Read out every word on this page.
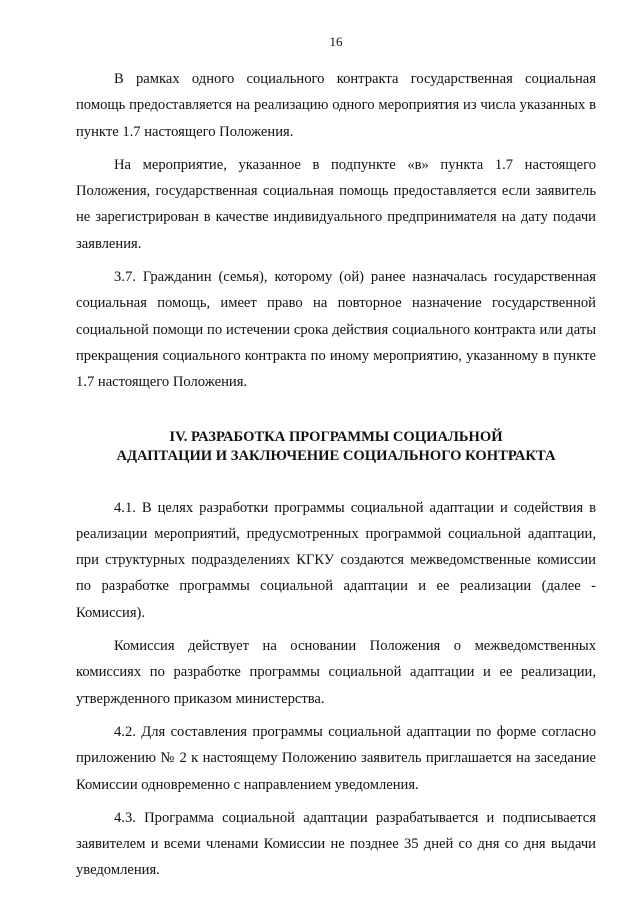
16

В рамках одного социального контракта государственная социальная помощь предоставляется на реализацию одного мероприятия из числа указанных в пункте 1.7 настоящего Положения.

На мероприятие, указанное в подпункте «в» пункта 1.7 настоящего Положения, государственная социальная помощь предоставляется если заявитель не зарегистрирован в качестве индивидуального предпринимателя на дату подачи заявления.

3.7. Гражданин (семья), которому (ой) ранее назначалась государственная социальная помощь, имеет право на повторное назначение государственной социальной помощи по истечении срока действия социального контракта или даты прекращения социального контракта по иному мероприятию, указанному в пункте 1.7 настоящего Положения.

IV. РАЗРАБОТКА ПРОГРАММЫ СОЦИАЛЬНОЙ
АДАПТАЦИИ И ЗАКЛЮЧЕНИЕ СОЦИАЛЬНОГО КОНТРАКТА

4.1. В целях разработки программы социальной адаптации и содействия в реализации мероприятий, предусмотренных программой социальной адаптации, при структурных подразделениях КГКУ создаются межведомственные комиссии по разработке программы социальной адаптации и ее реализации (далее - Комиссия).

Комиссия действует на основании Положения о межведомственных комиссиях по разработке программы социальной адаптации и ее реализации, утвержденного приказом министерства.

4.2. Для составления программы социальной адаптации по форме согласно приложению № 2 к настоящему Положению заявитель приглашается на заседание Комиссии одновременно с направлением уведомления.

4.3. Программа социальной адаптации разрабатывается и подписывается заявителем и всеми членами Комиссии не позднее 35 дней со дня со дня выдачи уведомления.
